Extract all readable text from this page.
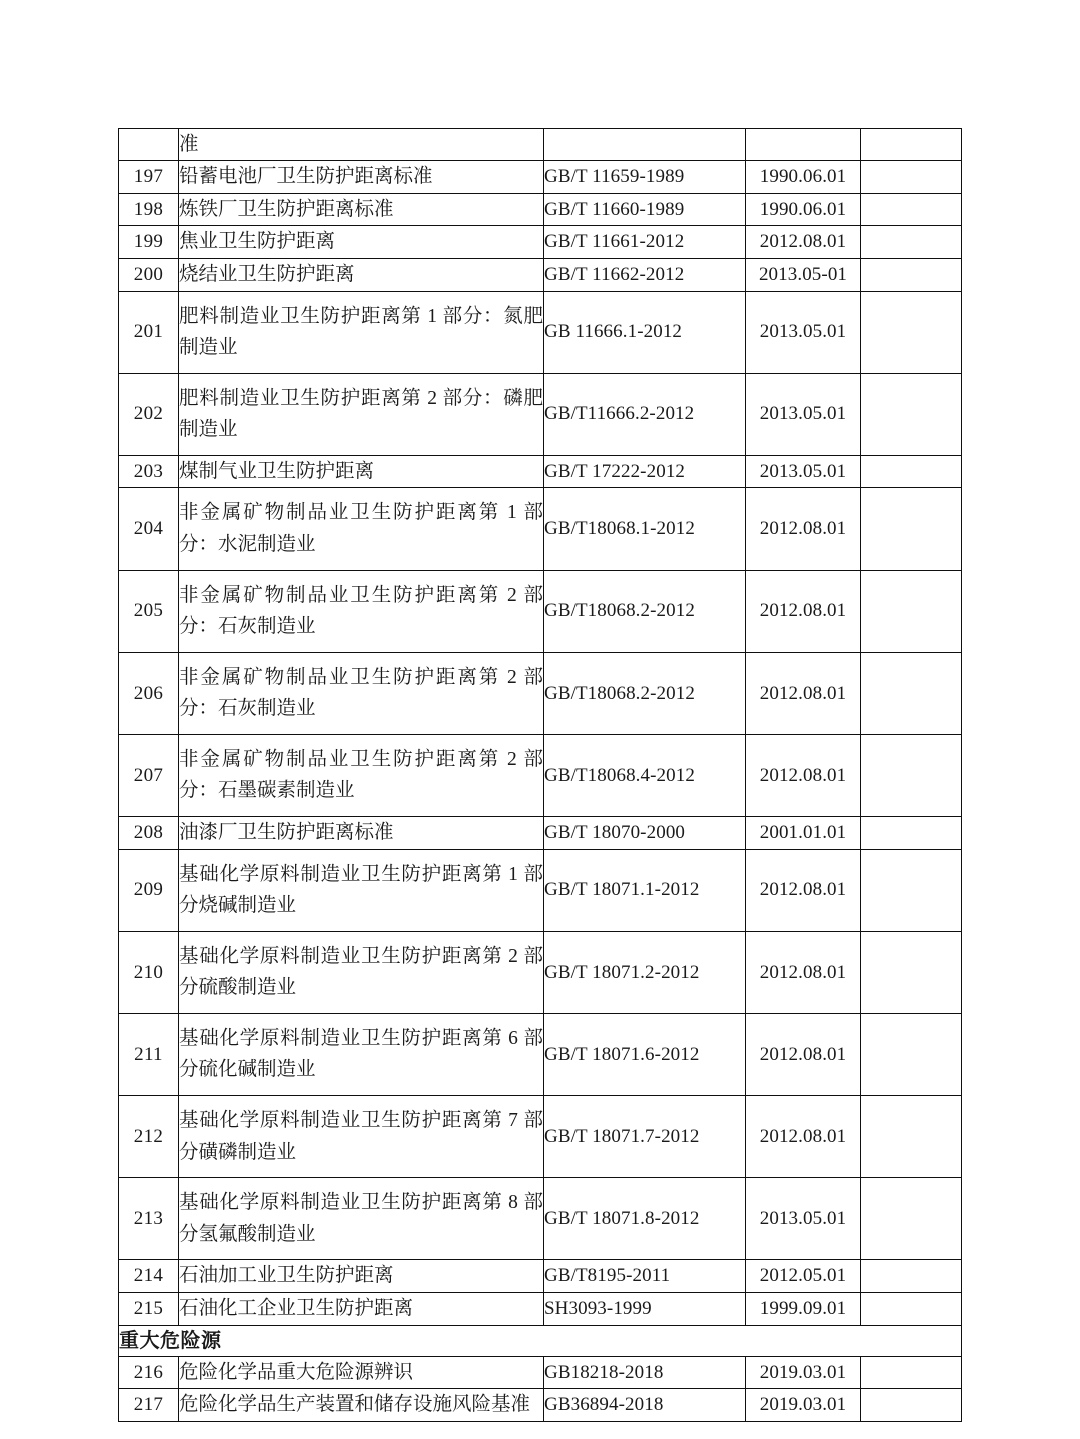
	准			
197	铅蓄电池厂卫生防护距离标准	GB/T 11659-1989	1990.06.01	
198	炼铁厂卫生防护距离标准	GB/T 11660-1989	1990.06.01	
199	焦业卫生防护距离	GB/T 11661-2012	2012.08.01	
200	烧结业卫生防护距离	GB/T 11662-2012	2013.05-01	
201	肥料制造业卫生防护距离第 1 部分：氮肥制造业	GB 11666.1-2012	2013.05.01	
202	肥料制造业卫生防护距离第 2 部分：磷肥制造业	GB/T11666.2-2012	2013.05.01	
203	煤制气业卫生防护距离	GB/T 17222-2012	2013.05.01	
204	非金属矿物制品业卫生防护距离第 1 部分：水泥制造业	GB/T18068.1-2012	2012.08.01	
205	非金属矿物制品业卫生防护距离第 2 部分：石灰制造业	GB/T18068.2-2012	2012.08.01	
206	非金属矿物制品业卫生防护距离第 2 部分：石灰制造业	GB/T18068.2-2012	2012.08.01	
207	非金属矿物制品业卫生防护距离第 2 部分：石墨碳素制造业	GB/T18068.4-2012	2012.08.01	
208	油漆厂卫生防护距离标准	GB/T 18070-2000	2001.01.01	
209	基础化学原料制造业卫生防护距离第 1 部分烧碱制造业	GB/T 18071.1-2012	2012.08.01	
210	基础化学原料制造业卫生防护距离第 2 部分硫酸制造业	GB/T 18071.2-2012	2012.08.01	
211	基础化学原料制造业卫生防护距离第 6 部分硫化碱制造业	GB/T 18071.6-2012	2012.08.01	
212	基础化学原料制造业卫生防护距离第 7 部分磺磷制造业	GB/T 18071.7-2012	2012.08.01	
213	基础化学原料制造业卫生防护距离第 8 部分氢氟酸制造业	GB/T 18071.8-2012	2013.05.01	
214	石油加工业卫生防护距离	GB/T8195-2011	2012.05.01	
215	石油化工企业卫生防护距离	SH3093-1999	1999.09.01	
重大危险源				
216	危险化学品重大危险源辨识	GB18218-2018	2019.03.01	
217	危险化学品生产装置和储存设施风险基准	GB36894-2018	2019.03.01	
